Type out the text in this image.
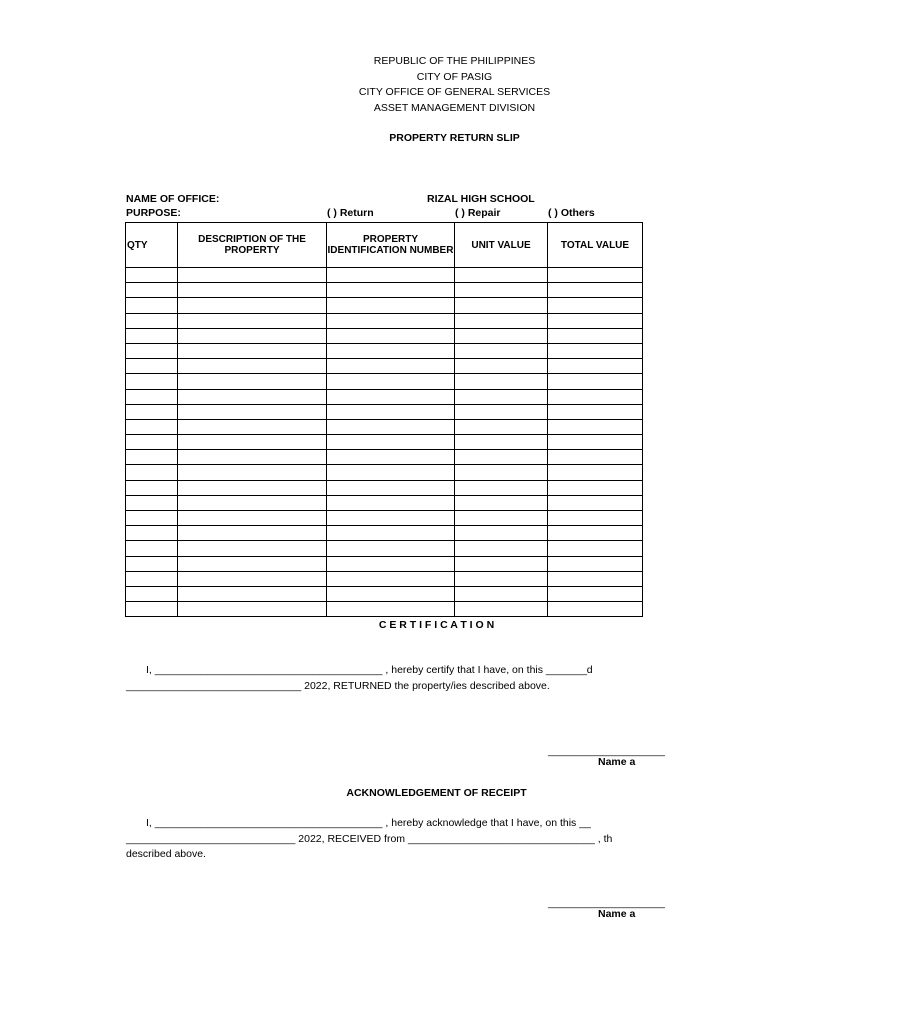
REPUBLIC OF THE PHILIPPINES
CITY OF PASIG
CITY OFFICE OF GENERAL SERVICES
ASSET MANAGEMENT DIVISION
PROPERTY RETURN SLIP
NAME OF OFFICE:	RIZAL HIGH SCHOOL
PURPOSE:	( ) Return	( ) Repair	( ) Others
QTY	DESCRIPTION OF THE PROPERTY	PROPERTY IDENTIFICATION NUMBER	UNIT VALUE	TOTAL VALUE

C E R T I F I C A T I O N
I, _______________________________________ , hereby certify that I have, on this _______d
______________________________ 2022, RETURNED the property/ies described above.
____________________
Name a
ACKNOWLEDGEMENT OF RECEIPT
I, _______________________________________ , hereby acknowledge that I have, on this __
_____________________________ 2022, RECEIVED from ________________________________ , th
described above.
____________________
Name a
